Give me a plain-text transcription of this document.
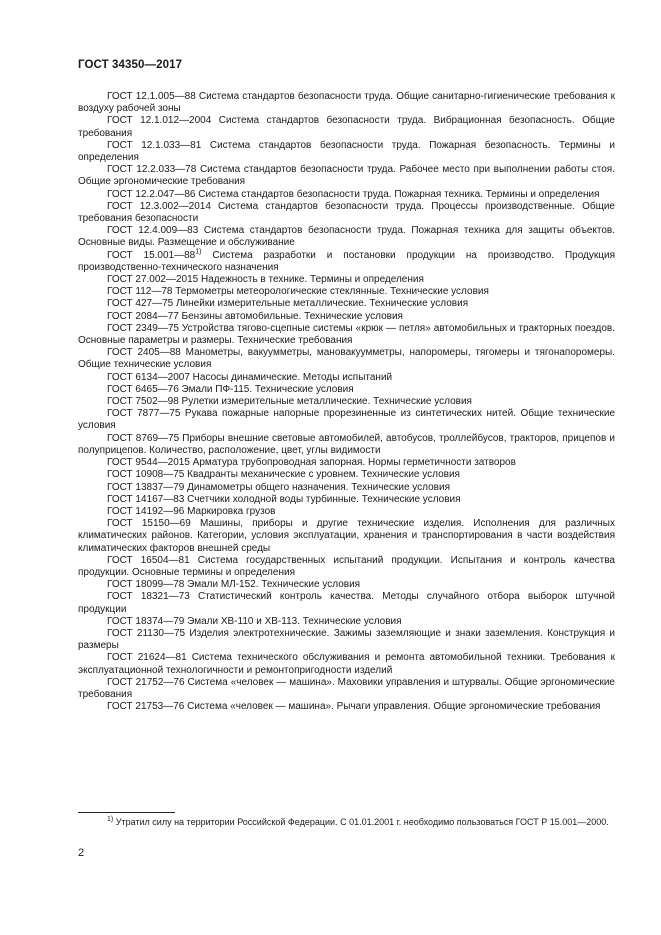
ГОСТ 34350—2017
ГОСТ 12.1.005—88 Система стандартов безопасности труда. Общие санитарно-гигиенические требования к воздуху рабочей зоны
ГОСТ 12.1.012—2004 Система стандартов безопасности труда. Вибрационная безопасность. Общие требования
ГОСТ 12.1.033—81 Система стандартов безопасности труда. Пожарная безопасность. Термины и определения
ГОСТ 12.2.033—78 Система стандартов безопасности труда. Рабочее место при выполнении работы стоя. Общие эргономические требования
ГОСТ 12.2.047—86 Система стандартов безопасности труда. Пожарная техника. Термины и определения
ГОСТ 12.3.002—2014 Система стандартов безопасности труда. Процессы производственные. Общие требования безопасности
ГОСТ 12.4.009—83 Система стандартов безопасности труда. Пожарная техника для защиты объектов. Основные виды. Размещение и обслуживание
ГОСТ 15.001—88$^{1)}$ Система разработки и постановки продукции на производство. Продукция производственно-технического назначения
ГОСТ 27.002—2015 Надежность в технике. Термины и определения
ГОСТ 112—78 Термометры метеорологические стеклянные. Технические условия
ГОСТ 427—75 Линейки измерительные металлические. Технические условия
ГОСТ 2084—77 Бензины автомобильные. Технические условия
ГОСТ 2349—75 Устройства тягово-сцепные системы «крюк — петля» автомобильных и тракторных поездов. Основные параметры и размеры. Технические требования
ГОСТ 2405—88 Манометры, вакуумметры, мановакуумметры, напоромеры, тягомеры и тягонапоромеры. Общие технические условия
ГОСТ 6134—2007 Насосы динамические. Методы испытаний
ГОСТ 6465—76 Эмали ПФ-115. Технические условия
ГОСТ 7502—98 Рулетки измерительные металлические. Технические условия
ГОСТ 7877—75 Рукава пожарные напорные прорезиненные из синтетических нитей. Общие технические условия
ГОСТ 8769—75 Приборы внешние световые автомобилей, автобусов, троллейбусов, тракторов, прицепов и полуприцепов. Количество, расположение, цвет, углы видимости
ГОСТ 9544—2015 Арматура трубопроводная запорная. Нормы герметичности затворов
ГОСТ 10908—75 Квадранты механические с уровнем. Технические условия
ГОСТ 13837—79 Динамометры общего назначения. Технические условия
ГОСТ 14167—83 Счетчики холодной воды турбинные. Технические условия
ГОСТ 14192—96 Маркировка грузов
ГОСТ 15150—69 Машины, приборы и другие технические изделия. Исполнения для различных климатических районов. Категории, условия эксплуатации, хранения и транспортирования в части воздействия климатических факторов внешней среды
ГОСТ 16504—81 Система государственных испытаний продукции. Испытания и контроль качества продукции. Основные термины и определения
ГОСТ 18099—78 Эмали МЛ-152. Технические условия
ГОСТ 18321—73 Статистический контроль качества. Методы случайного отбора выборок штучной продукции
ГОСТ 18374—79 Эмали ХВ-110 и ХВ-113. Технические условия
ГОСТ 21130—75 Изделия электротехнические. Зажимы заземляющие и знаки заземления. Конструкция и размеры
ГОСТ 21624—81 Система технического обслуживания и ремонта автомобильной техники. Требования к эксплуатационной технологичности и ремонтопригодности изделий
ГОСТ 21752—76 Система «человек — машина». Маховики управления и штурвалы. Общие эргономические требования
ГОСТ 21753—76 Система «человек — машина». Рычаги управления. Общие эргономические требования
$^{1)}$ Утратил силу на территории Российской Федерации. С 01.01.2001 г. необходимо пользоваться ГОСТ Р 15.001—2000.
2
